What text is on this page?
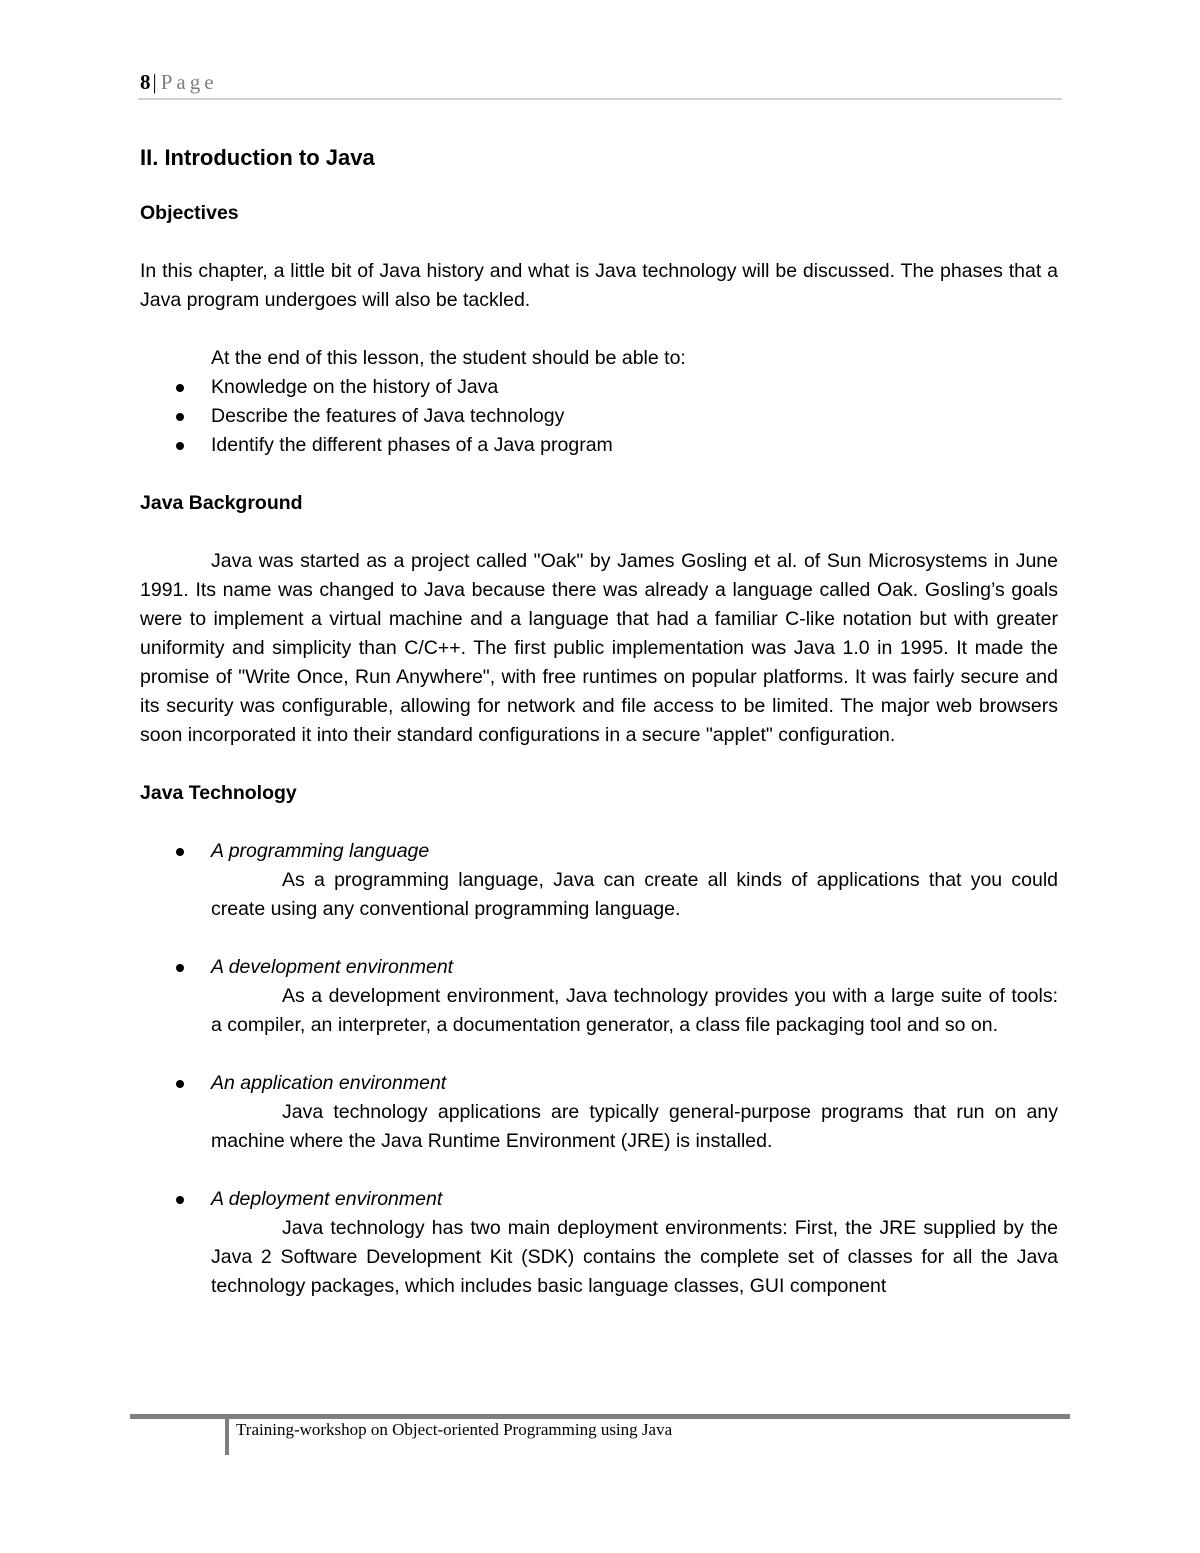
8| Page
II. Introduction to Java
Objectives

In this chapter, a little bit of Java history and what is Java technology will be discussed. The phases that a Java program undergoes will also be tackled.

At the end of this lesson, the student should be able to:

Knowledge on the history of Java
Describe the features of Java technology
Identify the different phases of a Java program
Java Background

Java was started as a project called "Oak" by James Gosling et al. of Sun Microsystems in June 1991. Its name was changed to Java because there was already a language called Oak. Gosling’s goals were to implement a virtual machine and a language that had a familiar C-like notation but with greater uniformity and simplicity than C/C++. The first public implementation was Java 1.0 in 1995. It made the promise of "Write Once, Run Anywhere", with free runtimes on popular platforms. It was fairly secure and its security was configurable, allowing for network and file access to be limited. The major web browsers soon incorporated it into their standard configurations in a secure "applet" configuration.

Java Technology
A programming language
As a programming language, Java can create all kinds of applications that you could create using any conventional programming language.
A development environment
As a development environment, Java technology provides you with a large suite of tools: a compiler, an interpreter, a documentation generator, a class file packaging tool and so on.
An application environment
Java technology applications are typically general-purpose programs that run on any machine where the Java Runtime Environment (JRE) is installed.
A deployment environment
Java technology has two main deployment environments: First, the JRE supplied by the Java 2 Software Development Kit (SDK) contains the complete set of classes for all the Java technology packages, which includes basic language classes, GUI component
Training-workshop on Object-oriented Programming using Java
